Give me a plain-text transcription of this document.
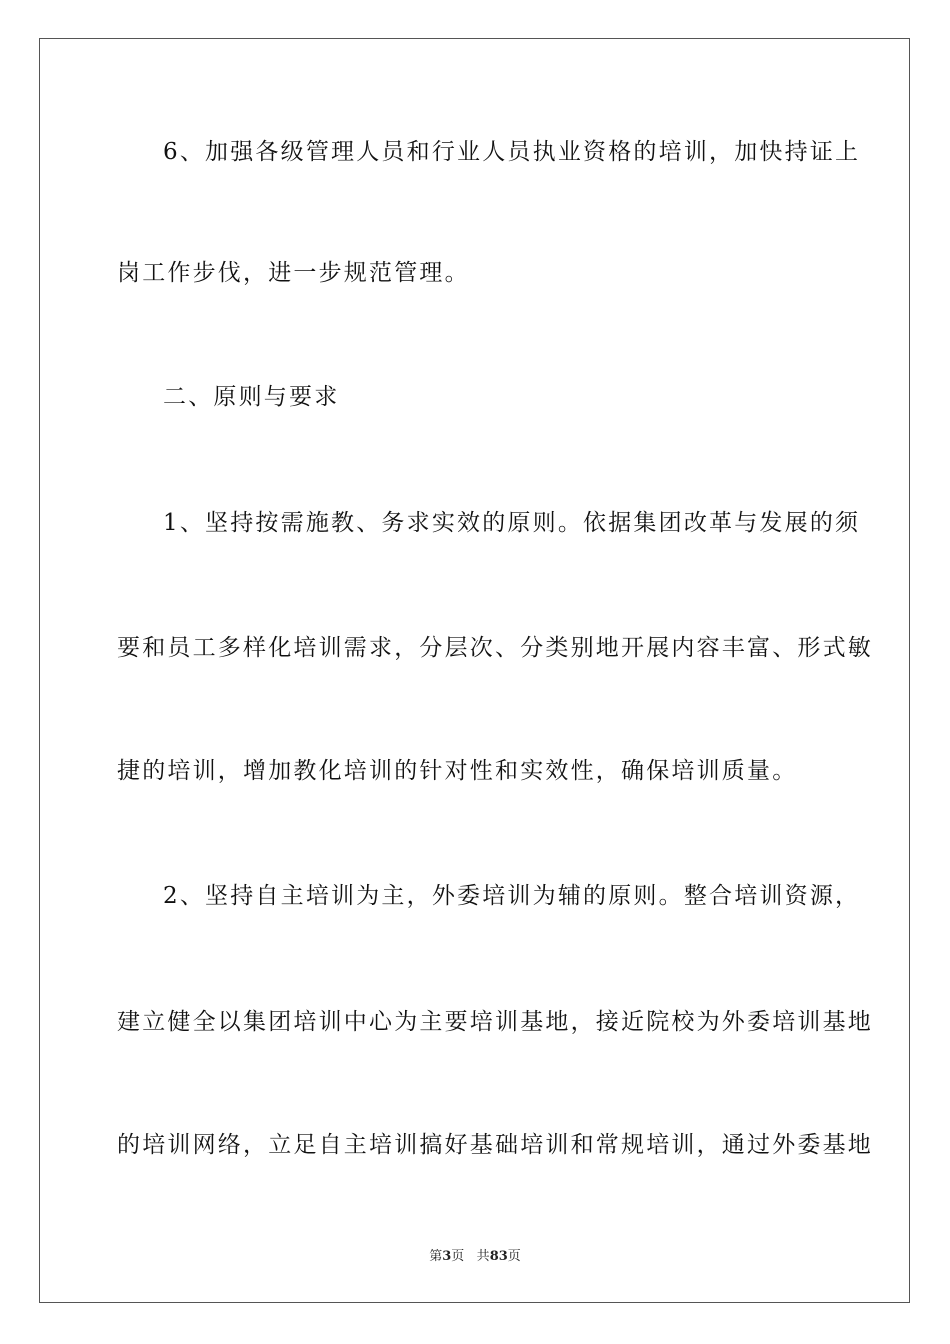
6、加强各级管理人员和行业人员执业资格的培训，加快持证上
岗工作步伐，进一步规范管理。
二、原则与要求
1、坚持按需施教、务求实效的原则。依据集团改革与发展的须
要和员工多样化培训需求，分层次、分类别地开展内容丰富、形式敏
捷的培训，增加教化培训的针对性和实效性，确保培训质量。
2、坚持自主培训为主，外委培训为辅的原则。整合培训资源，
建立健全以集团培训中心为主要培训基地，接近院校为外委培训基地
的培训网络，立足自主培训搞好基础培训和常规培训，通过外委基地
第3页 共83页
